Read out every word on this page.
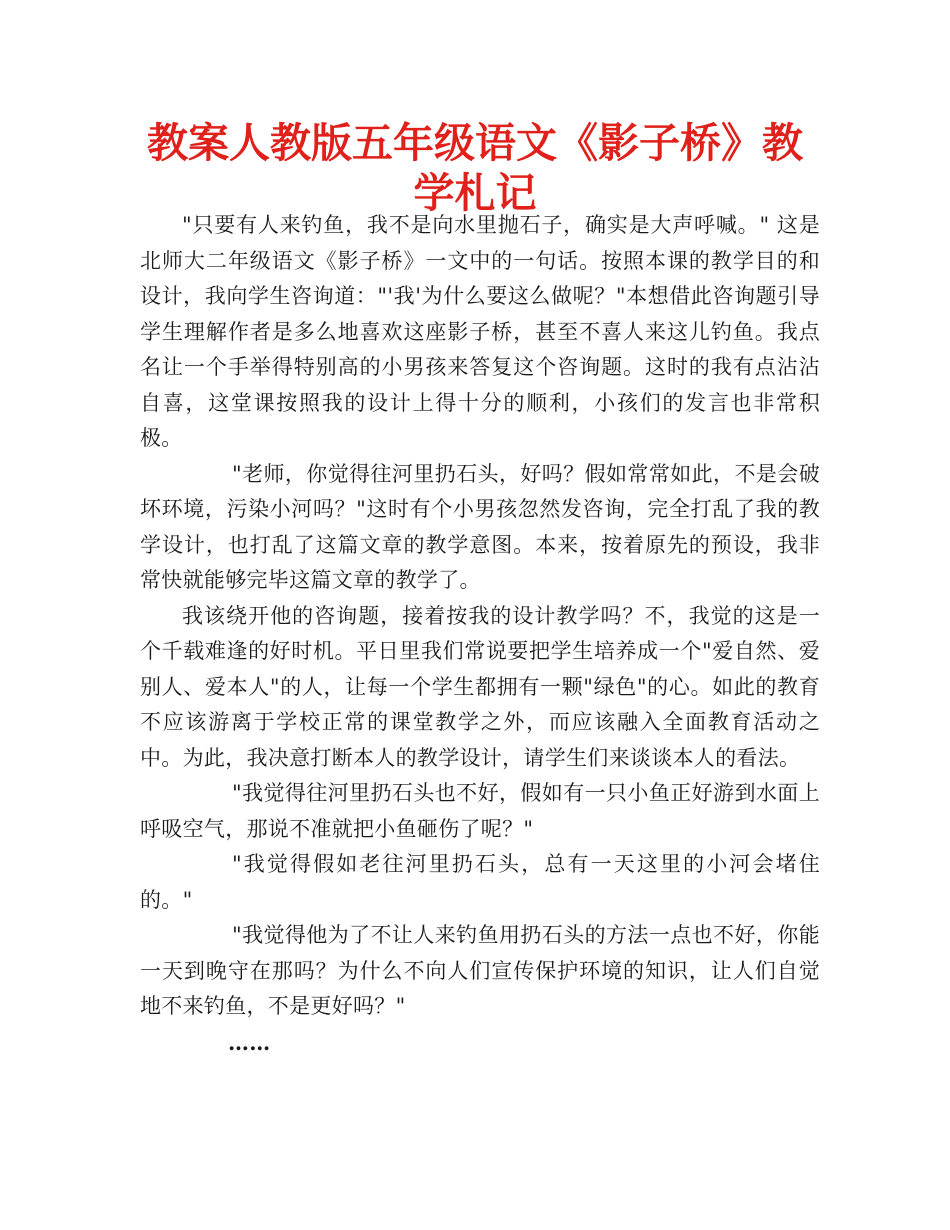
教案人教版五年级语文《影子桥》教学札记

"只要有人来钓鱼，我不是向水里抛石子，确实是大声呼喊。" 这是北师大二年级语文《影子桥》一文中的一句话。按照本课的教学目的和设计，我向学生咨询道："'我'为什么要这么做呢？"本想借此咨询题引导学生理解作者是多么地喜欢这座影子桥，甚至不喜人来这儿钓鱼。我点名让一个手举得特别高的小男孩来答复这个咨询题。这时的我有点沾沾自喜，这堂课按照我的设计上得十分的顺利，小孩们的发言也非常积极。

"老师，你觉得往河里扔石头，好吗？假如常常如此，不是会破坏环境，污染小河吗？"这时有个小男孩忽然发咨询，完全打乱了我的教学设计，也打乱了这篇文章的教学意图。本来，按着原先的预设，我非常快就能够完毕这篇文章的教学了。

我该绕开他的咨询题，接着按我的设计教学吗？不，我觉的这是一个千载难逢的好时机。平日里我们常说要把学生培养成一个"爱自然、爱别人、爱本人"的人，让每一个学生都拥有一颗"绿色"的心。如此的教育不应该游离于学校正常的课堂教学之外，而应该融入全面教育活动之中。为此，我决意打断本人的教学设计，请学生们来谈谈本人的看法。

"我觉得往河里扔石头也不好，假如有一只小鱼正好游到水面上呼吸空气，那说不准就把小鱼砸伤了呢？"

"我觉得假如老往河里扔石头，总有一天这里的小河会堵住的。"

"我觉得他为了不让人来钓鱼用扔石头的方法一点也不好，你能一天到晚守在那吗？为什么不向人们宣传保护环境的知识，让人们自觉地不来钓鱼，不是更好吗？"

……
